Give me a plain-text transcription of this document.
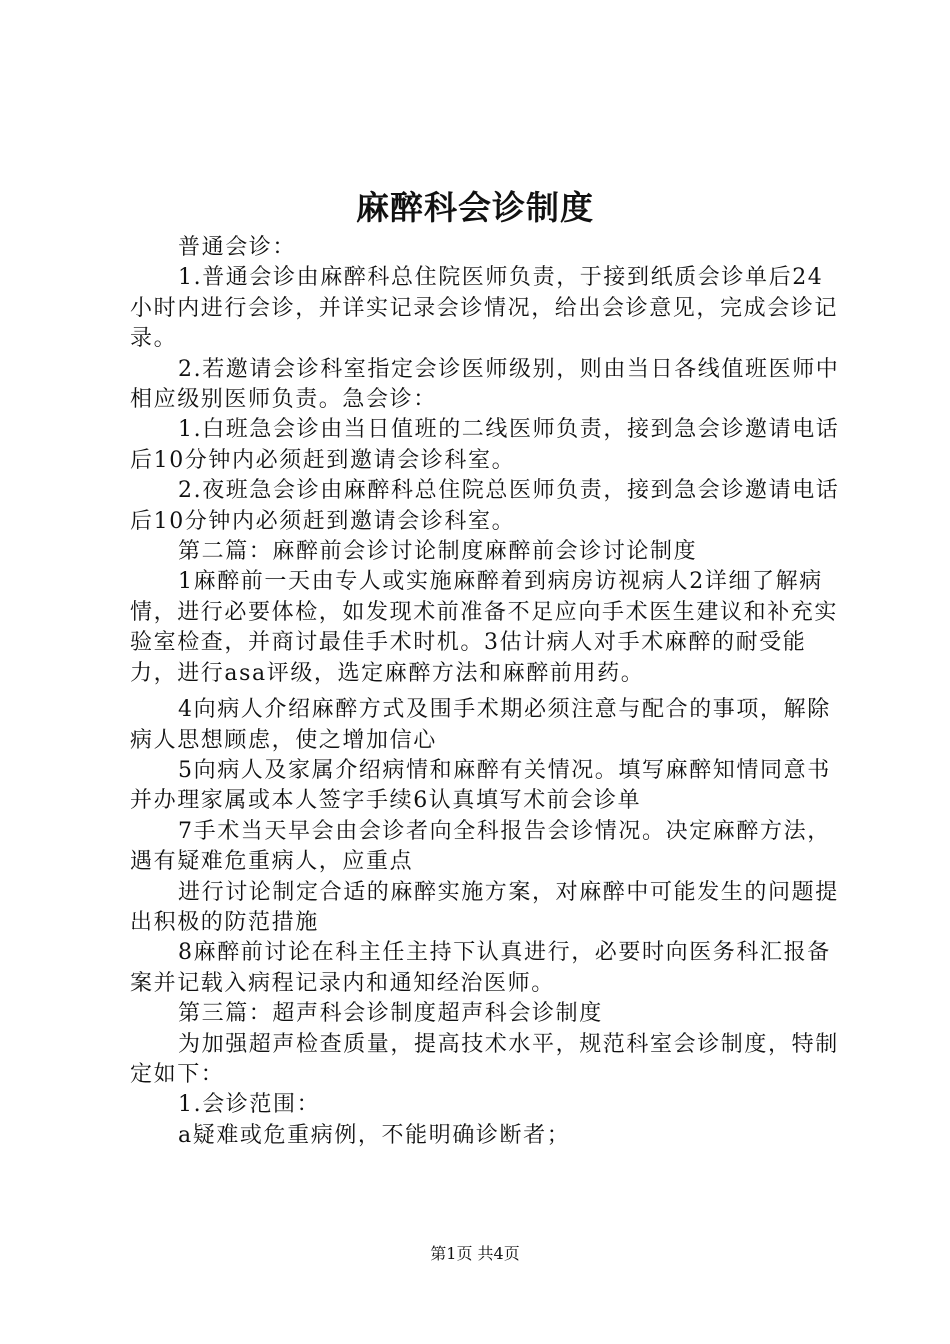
麻醉科会诊制度

普通会诊：

1.普通会诊由麻醉科总住院医师负责，于接到纸质会诊单后24小时内进行会诊，并详实记录会诊情况，给出会诊意见，完成会诊记录。

2.若邀请会诊科室指定会诊医师级别，则由当日各线值班医师中相应级别医师负责。急会诊：

1.白班急会诊由当日值班的二线医师负责，接到急会诊邀请电话后10分钟内必须赶到邀请会诊科室。

2.夜班急会诊由麻醉科总住院总医师负责，接到急会诊邀请电话后10分钟内必须赶到邀请会诊科室。

第二篇：麻醉前会诊讨论制度麻醉前会诊讨论制度

1麻醉前一天由专人或实施麻醉着到病房访视病人2详细了解病情，进行必要体检，如发现术前准备不足应向手术医生建议和补充实验室检查，并商讨最佳手术时机。3估计病人对手术麻醉的耐受能力，进行asa评级，选定麻醉方法和麻醉前用药。

4向病人介绍麻醉方式及围手术期必须注意与配合的事项，解除病人思想顾虑，使之增加信心

5向病人及家属介绍病情和麻醉有关情况。填写麻醉知情同意书并办理家属或本人签字手续6认真填写术前会诊单

7手术当天早会由会诊者向全科报告会诊情况。决定麻醉方法，遇有疑难危重病人，应重点

进行讨论制定合适的麻醉实施方案，对麻醉中可能发生的问题提出积极的防范措施

8麻醉前讨论在科主任主持下认真进行，必要时向医务科汇报备案并记载入病程记录内和通知经治医师。

第三篇：超声科会诊制度超声科会诊制度

为加强超声检查质量，提高技术水平，规范科室会诊制度，特制定如下：

1.会诊范围：

a疑难或危重病例，不能明确诊断者；

第1页 共4页
